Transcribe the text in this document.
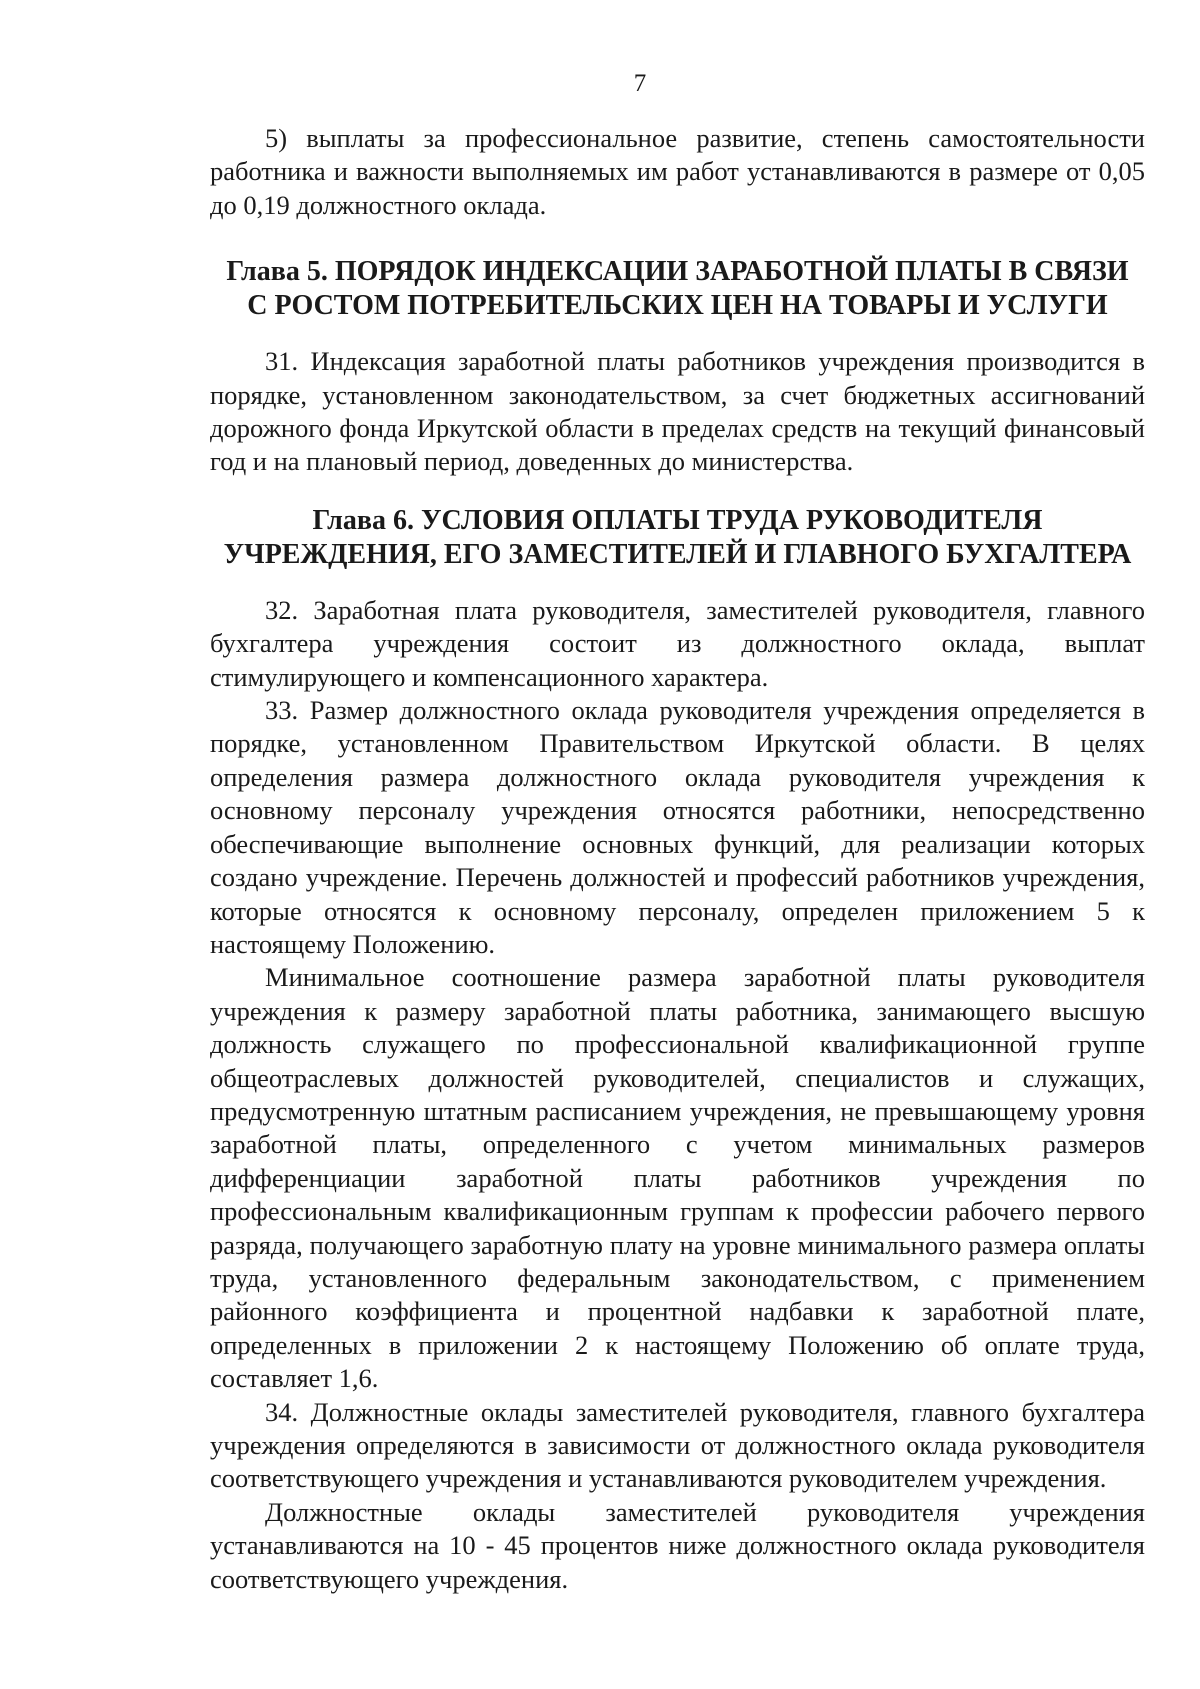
7

5) выплаты за профессиональное развитие, степень самостоятельности работника и важности выполняемых им работ устанавливаются в размере от 0,05 до 0,19 должностного оклада.

Глава 5. ПОРЯДОК ИНДЕКСАЦИИ ЗАРАБОТНОЙ ПЛАТЫ В СВЯЗИ
С РОСТОМ ПОТРЕБИТЕЛЬСКИХ ЦЕН НА ТОВАРЫ И УСЛУГИ

31. Индексация заработной платы работников учреждения производится в порядке, установленном законодательством, за счет бюджетных ассигнований дорожного фонда Иркутской области в пределах средств на текущий финансовый год и на плановый период, доведенных до министерства.

Глава 6. УСЛОВИЯ ОПЛАТЫ ТРУДА РУКОВОДИТЕЛЯ
УЧРЕЖДЕНИЯ, ЕГО ЗАМЕСТИТЕЛЕЙ И ГЛАВНОГО БУХГАЛТЕРА

32. Заработная плата руководителя, заместителей руководителя, главного бухгалтера учреждения состоит из должностного оклада, выплат стимулирующего и компенсационного характера.

33. Размер должностного оклада руководителя учреждения определяется в порядке, установленном Правительством Иркутской области. В целях определения размера должностного оклада руководителя учреждения к основному персоналу учреждения относятся работники, непосредственно обеспечивающие выполнение основных функций, для реализации которых создано учреждение. Перечень должностей и профессий работников учреждения, которые относятся к основному персоналу, определен приложением 5 к настоящему Положению.

Минимальное соотношение размера заработной платы руководителя учреждения к размеру заработной платы работника, занимающего высшую должность служащего по профессиональной квалификационной группе общеотраслевых должностей руководителей, специалистов и служащих, предусмотренную штатным расписанием учреждения, не превышающему уровня заработной платы, определенного с учетом минимальных размеров дифференциации заработной платы работников учреждения по профессиональным квалификационным группам к профессии рабочего первого разряда, получающего заработную плату на уровне минимального размера оплаты труда, установленного федеральным законодательством, с применением районного коэффициента и процентной надбавки к заработной плате, определенных в приложении 2 к настоящему Положению об оплате труда, составляет 1,6.

34. Должностные оклады заместителей руководителя, главного бухгалтера учреждения определяются в зависимости от должностного оклада руководителя соответствующего учреждения и устанавливаются руководителем учреждения.

Должностные оклады заместителей руководителя учреждения устанавливаются на 10 - 45 процентов ниже должностного оклада руководителя соответствующего учреждения.
